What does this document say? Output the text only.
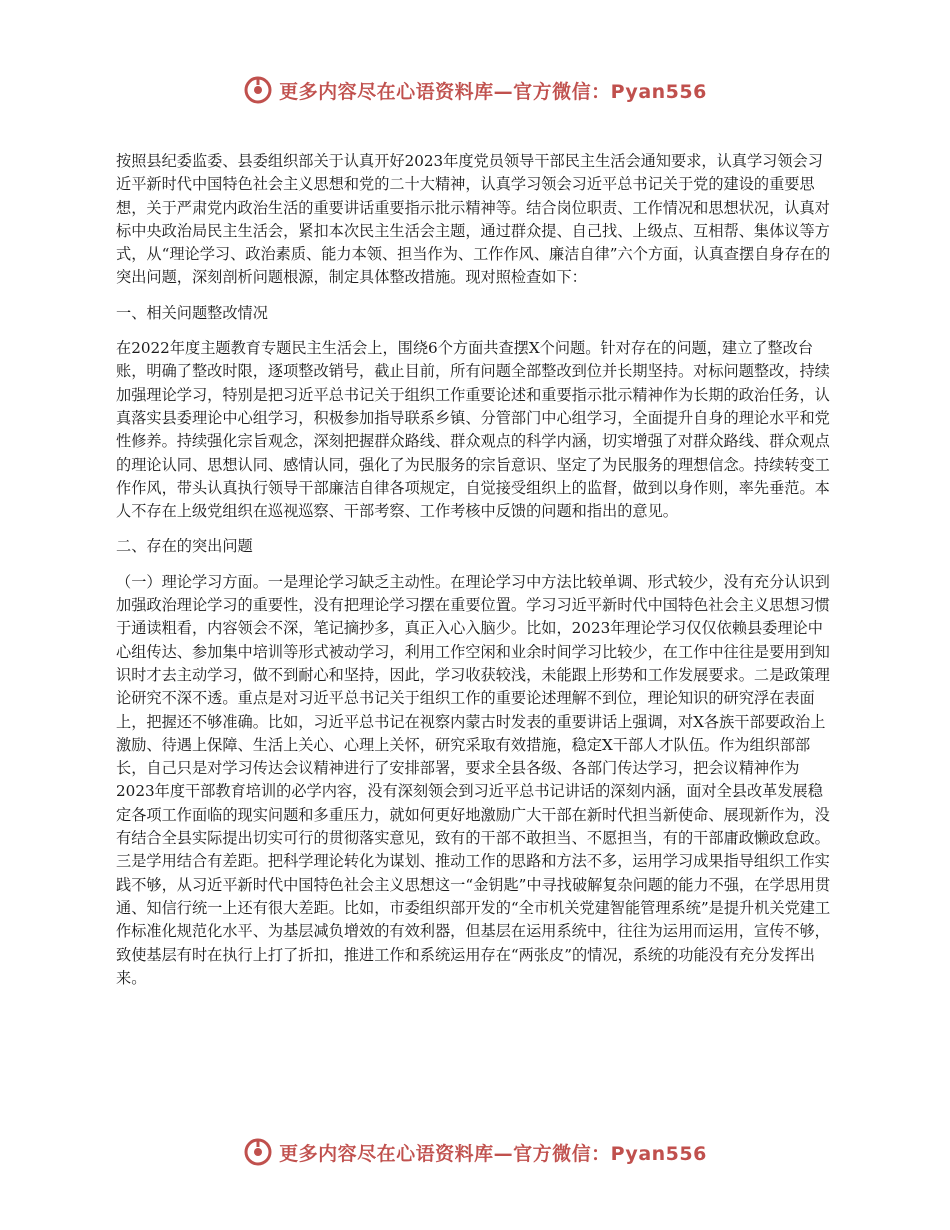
更多内容尽在心语资料库—官方微信：Pyan556

按照县纪委监委、县委组织部关于认真开好2023年度党员领导干部民主生活会通知要求，认真学习领会习近平新时代中国特色社会主义思想和党的二十大精神，认真学习领会习近平总书记关于党的建设的重要思想，关于严肃党内政治生活的重要讲话重要指示批示精神等。结合岗位职责、工作情况和思想状况，认真对标中央政治局民主生活会，紧扣本次民主生活会主题，通过群众提、自己找、上级点、互相帮、集体议等方式，从“理论学习、政治素质、能力本领、担当作为、工作作风、廉洁自律”六个方面，认真查摆自身存在的突出问题，深刻剖析问题根源，制定具体整改措施。现对照检查如下：

一、相关问题整改情况

在2022年度主题教育专题民主生活会上，围绕6个方面共查摆X个问题。针对存在的问题，建立了整改台账，明确了整改时限，逐项整改销号，截止目前，所有问题全部整改到位并长期坚持。对标问题整改，持续加强理论学习，特别是把习近平总书记关于组织工作重要论述和重要指示批示精神作为长期的政治任务，认真落实县委理论中心组学习，积极参加指导联系乡镇、分管部门中心组学习，全面提升自身的理论水平和党性修养。持续强化宗旨观念，深刻把握群众路线、群众观点的科学内涵，切实增强了对群众路线、群众观点的理论认同、思想认同、感情认同，强化了为民服务的宗旨意识、坚定了为民服务的理想信念。持续转变工作作风，带头认真执行领导干部廉洁自律各项规定，自觉接受组织上的监督，做到以身作则，率先垂范。本人不存在上级党组织在巡视巡察、干部考察、工作考核中反馈的问题和指出的意见。

二、存在的突出问题

（一）理论学习方面。一是理论学习缺乏主动性。在理论学习中方法比较单调、形式较少，没有充分认识到加强政治理论学习的重要性，没有把理论学习摆在重要位置。学习习近平新时代中国特色社会主义思想习惯于通读粗看，内容领会不深，笔记摘抄多，真正入心入脑少。比如，2023年理论学习仅仅依赖县委理论中心组传达、参加集中培训等形式被动学习，利用工作空闲和业余时间学习比较少，在工作中往往是要用到知识时才去主动学习，做不到耐心和坚持，因此，学习收获较浅，未能跟上形势和工作发展要求。二是政策理论研究不深不透。重点是对习近平总书记关于组织工作的重要论述理解不到位，理论知识的研究浮在表面上，把握还不够准确。比如，习近平总书记在视察内蒙古时发表的重要讲话上强调，对X各族干部要政治上激励、待遇上保障、生活上关心、心理上关怀，研究采取有效措施，稳定X干部人才队伍。作为组织部部长，自己只是对学习传达会议精神进行了安排部署，要求全县各级、各部门传达学习，把会议精神作为2023年度干部教育培训的必学内容，没有深刻领会到习近平总书记讲话的深刻内涵，面对全县改革发展稳定各项工作面临的现实问题和多重压力，就如何更好地激励广大干部在新时代担当新使命、展现新作为，没有结合全县实际提出切实可行的贯彻落实意见，致有的干部不敢担当、不愿担当，有的干部庸政懒政怠政。三是学用结合有差距。把科学理论转化为谋划、推动工作的思路和方法不多，运用学习成果指导组织工作实践不够，从习近平新时代中国特色社会主义思想这一“金钥匙”中寻找破解复杂问题的能力不强，在学思用贯通、知信行统一上还有很大差距。比如，市委组织部开发的“全市机关党建智能管理系统”是提升机关党建工作标准化规范化水平、为基层减负增效的有效利器，但基层在运用系统中，往往为运用而运用，宣传不够，致使基层有时在执行上打了折扣，推进工作和系统运用存在“两张皮”的情况，系统的功能没有充分发挥出来。

更多内容尽在心语资料库—官方微信：Pyan556
